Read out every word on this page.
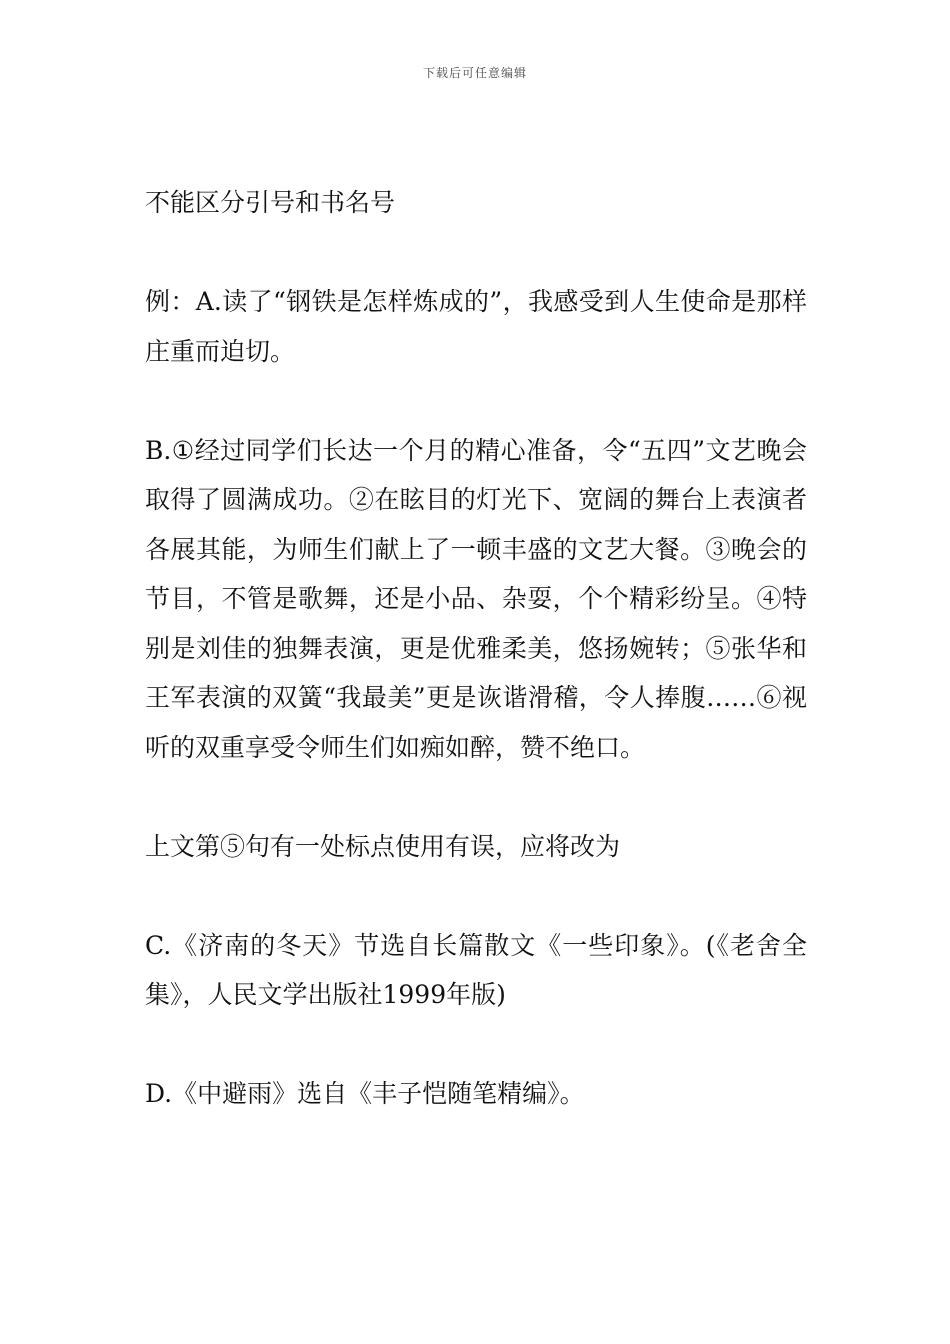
下载后可任意编辑

不能区分引号和书名号

例：A.读了“钢铁是怎样炼成的”，我感受到人生使命是那样庄重而迫切。

B.①经过同学们长达一个月的精心准备，令“五四”文艺晚会取得了圆满成功。②在眩目的灯光下、宽阔的舞台上表演者各展其能，为师生们献上了一顿丰盛的文艺大餐。③晚会的节目，不管是歌舞，还是小品、杂耍，个个精彩纷呈。④特别是刘佳的独舞表演，更是优雅柔美，悠扬婉转；⑤张华和王军表演的双簧“我最美”更是诙谐滑稽，令人捧腹……⑥视听的双重享受令师生们如痴如醉，赞不绝口。

上文第⑤句有一处标点使用有误，应将改为

C.《济南的冬天》节选自长篇散文《一些印象》。(《老舍全集》，人民文学出版社1999年版)

D.《中避雨》选自《丰子恺随笔精编》。
